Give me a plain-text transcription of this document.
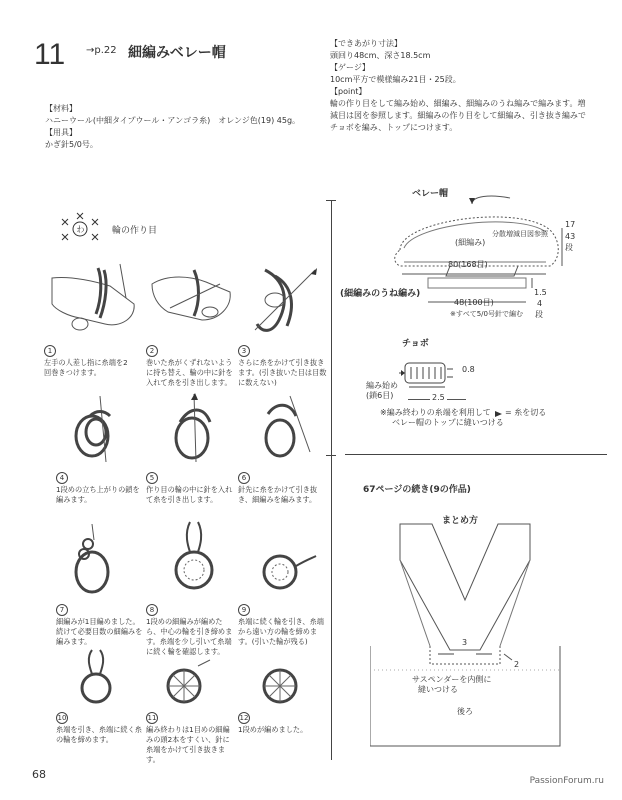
11 →p.22 細編みベレー帽
【材料】
ハニーウール(中細タイプウール・アンゴラ糸)　オレンジ色(19) 45g。
【用具】
かぎ針5/0号。
【できあがり寸法】
頭回り48cm、深さ18.5cm
【ゲージ】
10cm平方で模様編み21目・25段。
【point】
輪の作り目をして編み始め、細編み、細編みのうね編みで編みます。増
減目は図を参照します。細編みの作り目をして細編み、引き抜き編みで
チョボを編み、トップにつけます。
わ	輪の作り目
1
左手の人差し指に糸端を2回巻きつけます。
2
巻いた糸がくずれないように持ち替え、輪の中に針を入れて糸を引き出します。
3
さらに糸をかけて引き抜きます。(引き抜いた目は目数に数えない)
4
1段めの立ち上がりの鎖を編みます。
5
作り目の輪の中に針を入れて糸を引き出します。
6
針先に糸をかけて引き抜き、細編みを編みます。
7
細編みが1目編めました。続けて必要目数の細編みを編みます。
8
1段めの細編みが編めたら、中心の輪を引き締めます。糸端を少し引いて糸端に続く輪を確認します。
9
糸端に続く輪を引き、糸端から遠い方の輪を締めます。(引いた輪が残る)
10
糸端を引き、糸端に続く糸の輪を締めます。
11
編み終わりは1目めの細編みの頭2本をすくい、針に糸端をかけて引き抜きます。
12
1段めが編めました。
ベレー帽
(細編み)
分散増減目図参照
80(168目)
17
43
段
(細編みのうね編み)
48(100目)
1.5
4
段
※すべて5/0号針で編む
チョボ
0.8
編み始め
(鎖6目)	2.5
※編み終わりの糸端を利用して
ベレー帽のトップに縫いつける
= 糸を切る
67ページの続き(9の作品)
まとめ方
3
2
サスペンダーを内側に
縫いつける
後ろ
68	PassionForum.ru
